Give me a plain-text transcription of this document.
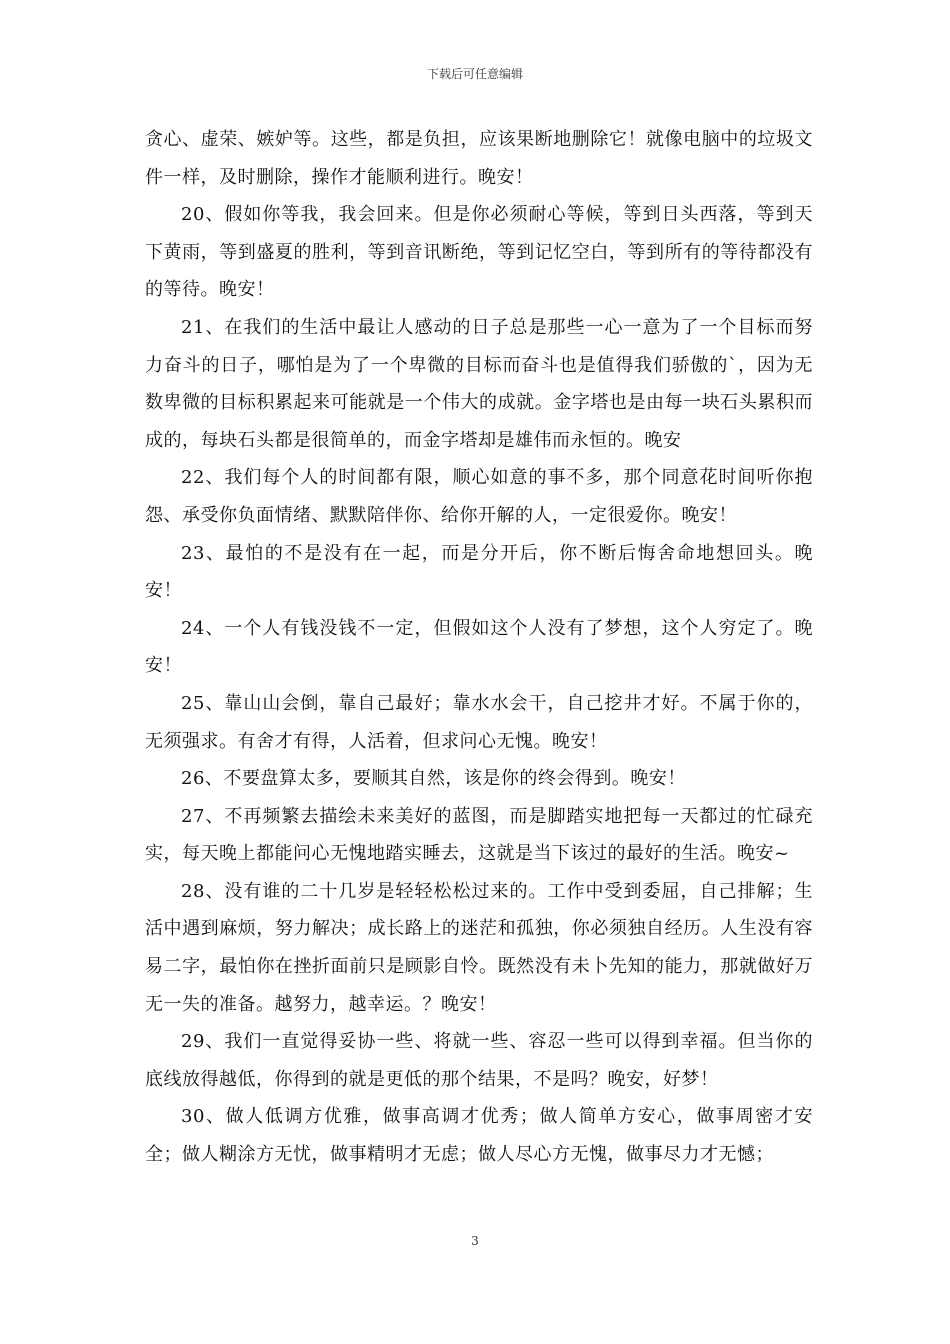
下载后可任意编辑

贪心、虚荣、嫉妒等。这些，都是负担，应该果断地删除它！就像电脑中的垃圾文件一样，及时删除，操作才能顺利进行。晚安！

20、假如你等我，我会回来。但是你必须耐心等候，等到日头西落，等到天下黄雨，等到盛夏的胜利，等到音讯断绝，等到记忆空白，等到所有的等待都没有的等待。晚安！

21、在我们的生活中最让人感动的日子总是那些一心一意为了一个目标而努力奋斗的日子，哪怕是为了一个卑微的目标而奋斗也是值得我们骄傲的`，因为无数卑微的目标积累起来可能就是一个伟大的成就。金字塔也是由每一块石头累积而成的，每块石头都是很简单的，而金字塔却是雄伟而永恒的。晚安

22、我们每个人的时间都有限，顺心如意的事不多，那个同意花时间听你抱怨、承受你负面情绪、默默陪伴你、给你开解的人，一定很爱你。晚安！

23、最怕的不是没有在一起，而是分开后，你不断后悔舍命地想回头。晚安！

24、一个人有钱没钱不一定，但假如这个人没有了梦想，这个人穷定了。晚安！

25、靠山山会倒，靠自己最好；靠水水会干，自己挖井才好。不属于你的，无须强求。有舍才有得，人活着，但求问心无愧。晚安！

26、不要盘算太多，要顺其自然，该是你的终会得到。晚安！

27、不再频繁去描绘未来美好的蓝图，而是脚踏实地把每一天都过的忙碌充实，每天晚上都能问心无愧地踏实睡去，这就是当下该过的最好的生活。晚安~

28、没有谁的二十几岁是轻轻松松过来的。工作中受到委屈，自己排解；生活中遇到麻烦，努力解决；成长路上的迷茫和孤独，你必须独自经历。人生没有容易二字，最怕你在挫折面前只是顾影自怜。既然没有未卜先知的能力，那就做好万无一失的准备。越努力，越幸运。？晚安！

29、我们一直觉得妥协一些、将就一些、容忍一些可以得到幸福。但当你的底线放得越低，你得到的就是更低的那个结果，不是吗？晚安，好梦！

30、做人低调方优雅，做事高调才优秀；做人简单方安心，做事周密才安全；做人糊涂方无忧，做事精明才无虑；做人尽心方无愧，做事尽力才无憾；

3
